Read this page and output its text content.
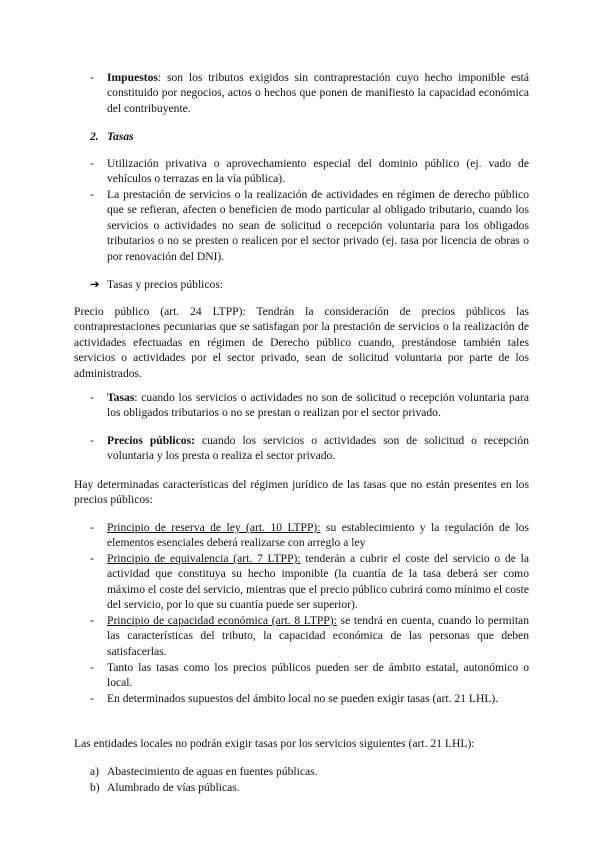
- Impuestos: son los tributos exigidos sin contraprestación cuyo hecho imponible está constituido por negocios, actos o hechos que ponen de manifiesto la capacidad económica del contribuyente.
2. Tasas
- Utilización privativa o aprovechamiento especial del dominio público (ej. vado de vehículos o terrazas en la vía pública).
- La prestación de servicios o la realización de actividades en régimen de derecho público que se refieran, afecten o beneficien de modo particular al obligado tributario, cuando los servicios o actividades no sean de solicitud o recepción voluntaria para los obligados tributarios o no se presten o realicen por el sector privado (ej. tasa por licencia de obras o por renovación del DNI).
➔ Tasas y precios públicos:
Precio público (art. 24 LTPP): Tendrán la consideración de precios públicos las contraprestaciones pecuniarias que se satisfagan por la prestación de servicios o la realización de actividades efectuadas en régimen de Derecho público cuando, prestándose también tales servicios o actividades por el sector privado, sean de solicitud voluntaria por parte de los administrados.
- Tasas: cuando los servicios o actividades no son de solicitud o recepción voluntaria para los obligados tributarios o no se prestan o realizan por el sector privado.
- Precios públicos: cuando los servicios o actividades son de solicitud o recepción voluntaria y los presta o realiza el sector privado.
Hay determinadas características del régimen jurídico de las tasas que no están presentes en los precios públicos:
- Principio de reserva de ley (art. 10 LTPP): su establecimiento y la regulación de los elementos esenciales deberá realizarse con arreglo a ley
- Principio de equivalencia (art. 7 LTPP): tenderán a cubrir el coste del servicio o de la actividad que constituya su hecho imponible (la cuantía de la tasa deberá ser como máximo el coste del servicio, mientras que el precio público cubrirá como mínimo el coste del servicio, por lo que su cuantía puede ser superior).
- Principio de capacidad económica (art. 8 LTPP): se tendrá en cuenta, cuando lo permitan las características del tributo, la capacidad económica de las personas que deben satisfacerlas.
- Tanto las tasas como los precios públicos pueden ser de ámbito estatal, autonómico o local.
- En determinados supuestos del ámbito local no se pueden exigir tasas (art. 21 LHL).
Las entidades locales no podrán exigir tasas por los servicios siguientes (art. 21 LHL):
a) Abastecimiento de aguas en fuentes públicas.
b) Alumbrado de vías públicas.
